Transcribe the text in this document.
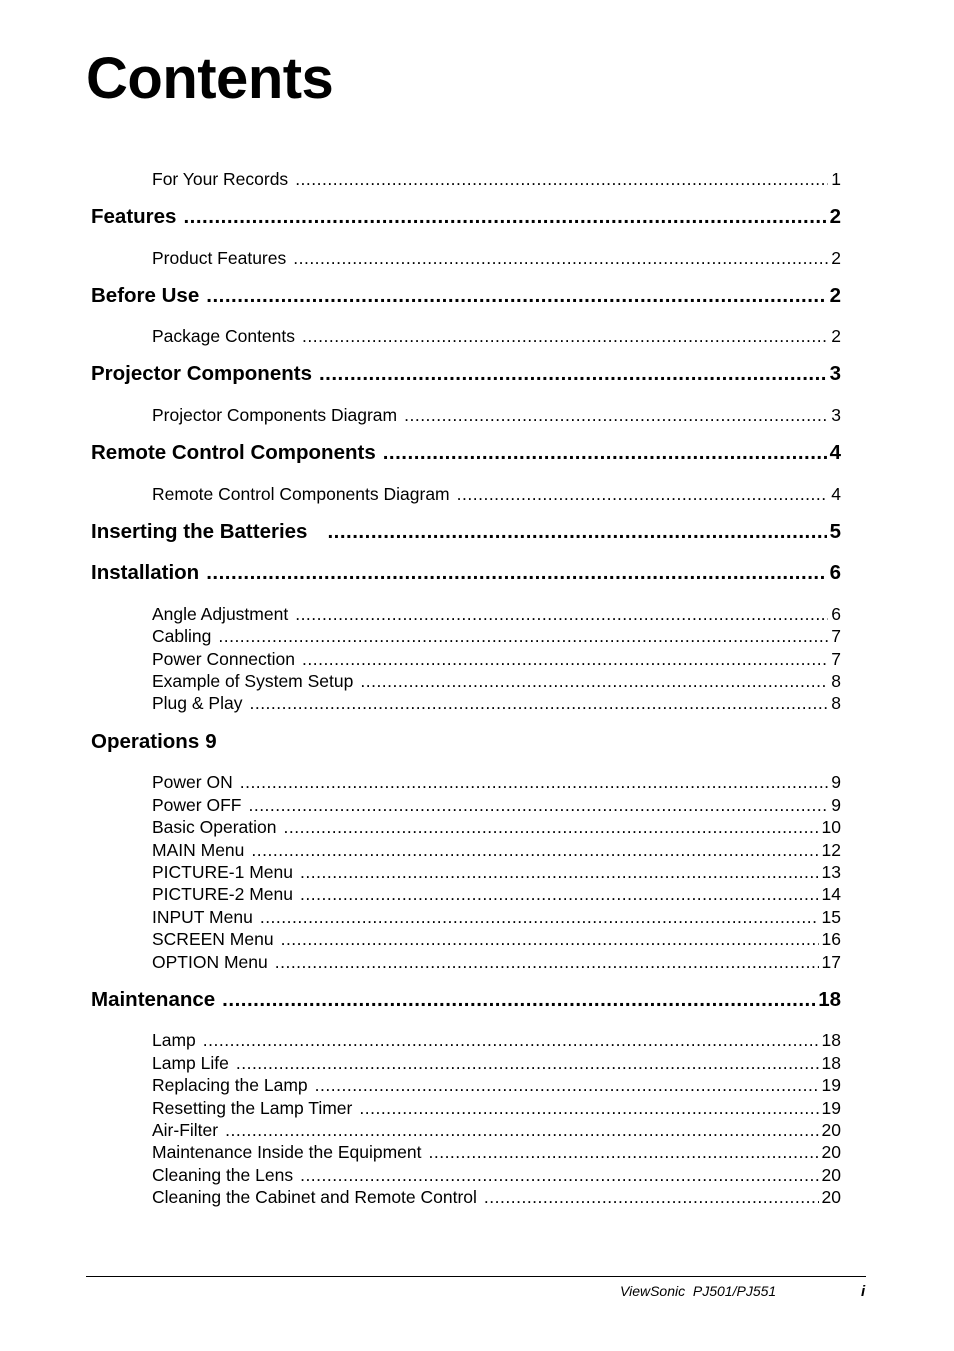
Contents
For Your Records .....	1
Features .....	2
Product Features .....	2
Before Use .....	2
Package Contents .....	2
Projector Components .....	3
Projector Components Diagram .....	3
Remote Control Components .....	4
Remote Control Components Diagram .....	4
Inserting the Batteries .....	5
Installation .....	6
Angle Adjustment .....	6
Cabling .....	7
Power Connection .....	7
Example of System Setup .....	8
Plug & Play .....	8
Operations 9
Power ON .....	9
Power OFF .....	9
Basic Operation .....	10
MAIN Menu .....	12
PICTURE-1 Menu .....	13
PICTURE-2 Menu .....	14
INPUT Menu .....	15
SCREEN Menu .....	16
OPTION Menu .....	17
Maintenance .....	18
Lamp .....	18
Lamp Life .....	18
Replacing the Lamp .....	19
Resetting the Lamp Timer .....	19
Air-Filter .....	20
Maintenance Inside the Equipment .....	20
Cleaning the Lens .....	20
Cleaning the Cabinet and Remote Control .....	20
ViewSonic  PJ501/PJ551	i
